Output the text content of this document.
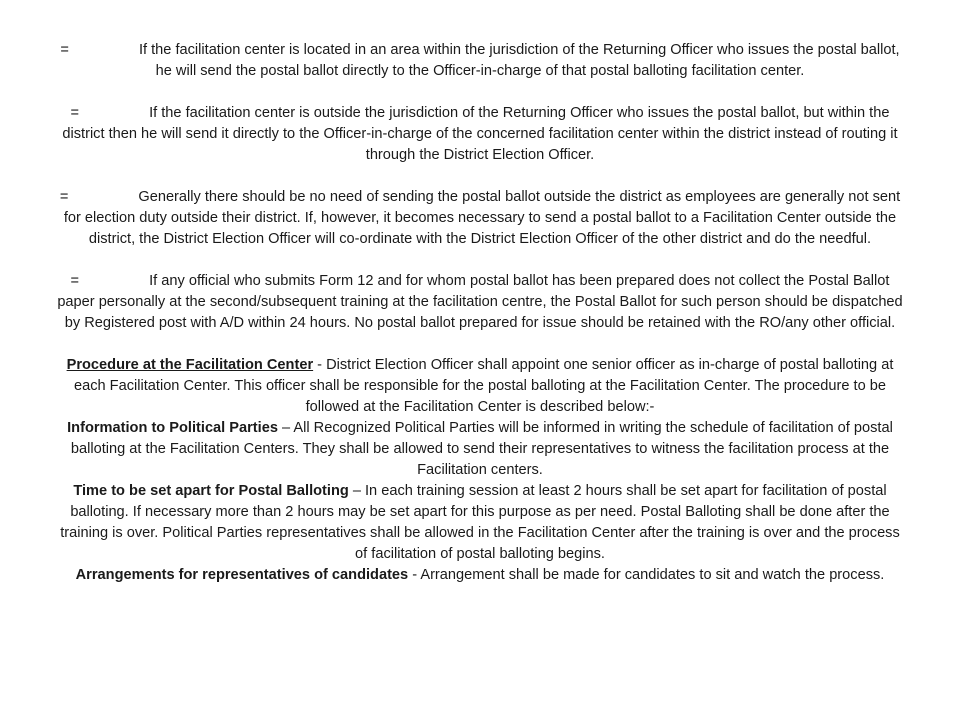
=	If the facilitation center is located in an area within the jurisdiction of the Returning Officer who issues the postal ballot, he will send the postal ballot directly to the Officer-in-charge of that postal balloting facilitation center.

=	If the facilitation center is outside the jurisdiction of the Returning Officer who issues the postal ballot, but within the district then he will send it directly to the Officer-in-charge of the concerned facilitation center within the district instead of routing it through the District Election Officer.

=	Generally there should be no need of sending the postal ballot outside the district as employees are generally not sent for election duty outside their district. If, however, it becomes necessary to send a postal ballot to a Facilitation Center outside the district, the District Election Officer will co-ordinate with the District Election Officer of the other district and do the needful.

=	If any official who submits Form 12 and for whom postal ballot has been prepared does not collect the Postal Ballot paper personally at the second/subsequent training at the facilitation centre, the Postal Ballot for such person should be dispatched by Registered post with A/D within 24 hours. No postal ballot prepared for issue should be retained with the RO/any other official.

Procedure at the Facilitation Center - District Election Officer shall appoint one senior officer as in-charge of postal balloting at each Facilitation Center. This officer shall be responsible for the postal balloting at the Facilitation Center. The procedure to be followed at the Facilitation Center is described below:-

Information to Political Parties – All Recognized Political Parties will be informed in writing the schedule of facilitation of postal balloting at the Facilitation Centers. They shall be allowed to send their representatives to witness the facilitation process at the Facilitation centers.

Time to be set apart for Postal Balloting – In each training session at least 2 hours shall be set apart for facilitation of postal balloting. If necessary more than 2 hours may be set apart for this purpose as per need. Postal Balloting shall be done after the training is over. Political Parties representatives shall be allowed in the Facilitation Center after the training is over and the process of facilitation of postal balloting begins.

Arrangements for representatives of candidates - Arrangement shall be made for candidates to sit and watch the process.
